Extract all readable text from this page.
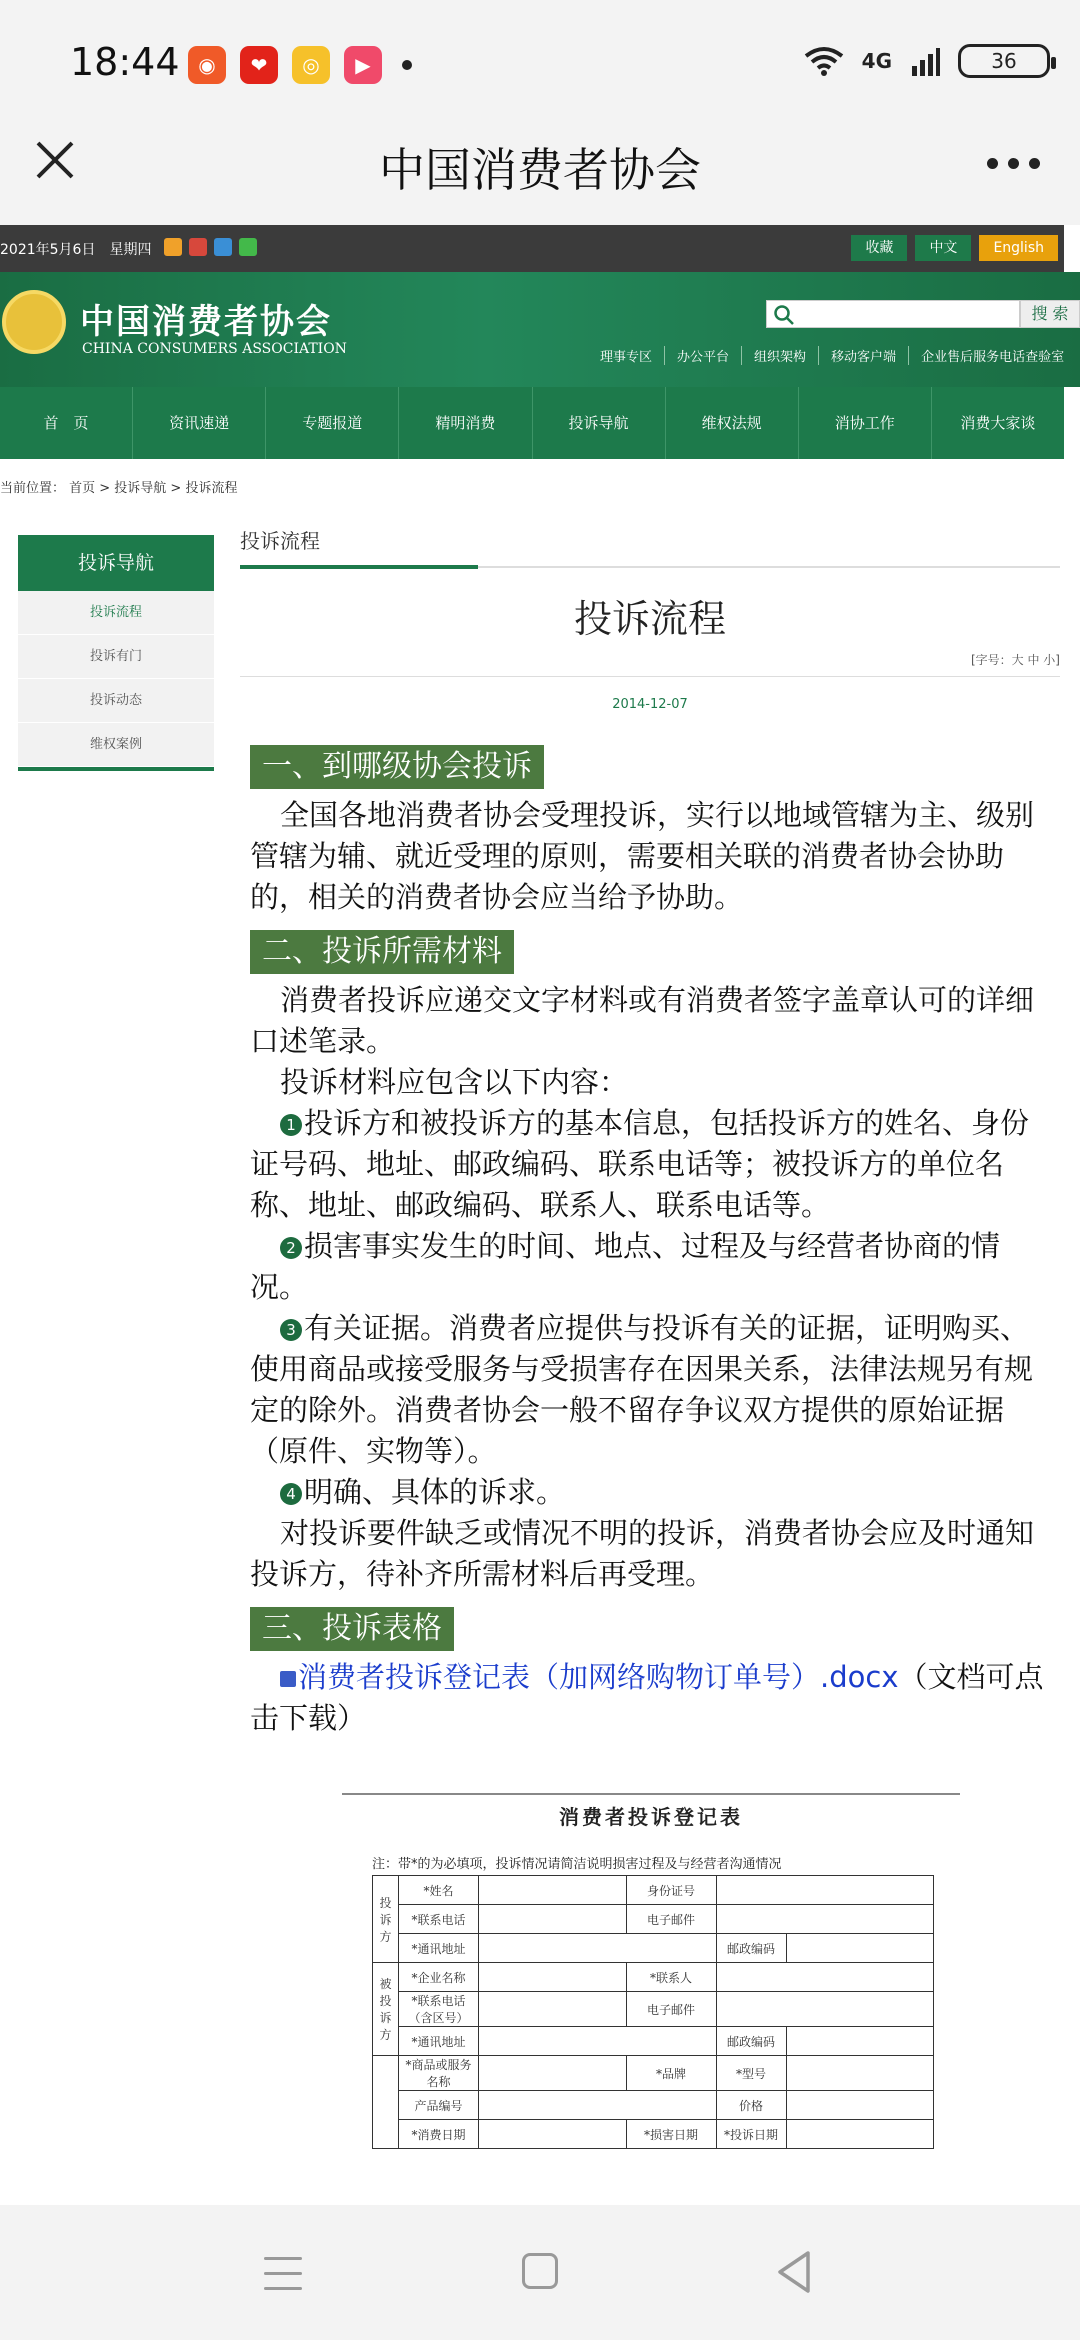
18:44 ◉	❤	◎	▶	4G	36
中国消费者协会
2021年5月6日　星期四	收藏	中文	English
中国消费者协会
CHINA CONSUMERS ASSOCIATION
搜 索
理事专区	办公平台	组织架构	移动客户端	企业售后服务电话查验室
首　页	资讯速递	专题报道	精明消费	投诉导航	维权法规	消协工作	消费大家谈
当前位置： 首页 > 投诉导航 > 投诉流程
投诉导航
投诉流程
投诉有门
投诉动态
维权案例
投诉流程
投诉流程
[字号：大 中 小]
2014-12-07
一、到哪级协会投诉
全国各地消费者协会受理投诉，实行以地域管辖为主、级别管辖为辅、就近受理的原则，需要相关联的消费者协会协助的，相关的消费者协会应当给予协助。
二、投诉所需材料
消费者投诉应递交文字材料或有消费者签字盖章认可的详细口述笔录。
投诉材料应包含以下内容：
1 投诉方和被投诉方的基本信息，包括投诉方的姓名、身份证号码、地址、邮政编码、联系电话等；被投诉方的单位名称、地址、邮政编码、联系人、联系电话等。
2 损害事实发生的时间、地点、过程及与经营者协商的情况。
3 有关证据。消费者应提供与投诉有关的证据，证明购买、使用商品或接受服务与受损害存在因果关系，法律法规另有规定的除外。消费者协会一般不留存争议双方提供的原始证据（原件、实物等）。
4 明确、具体的诉求。
对投诉要件缺乏或情况不明的投诉，消费者协会应及时通知投诉方，待补齐所需材料后再受理。
三、投诉表格
消费者投诉登记表（加网络购物订单号）.docx（文档可点击下载）
消费者投诉登记表
注：带*的为必填项，投诉情况请简洁说明损害过程及与经营者沟通情况
投诉方	*姓名		身份证号		
	*联系电话		电子邮件		
	*通讯地址			邮政编码	
被投诉方	*企业名称		*联系人		
	*联系电话（含区号）		电子邮件		
	*通讯地址			邮政编码	
	*商品或服务名称		*品牌	*型号	
	产品编号			价格	
	*消费日期		*损害日期	*投诉日期	
